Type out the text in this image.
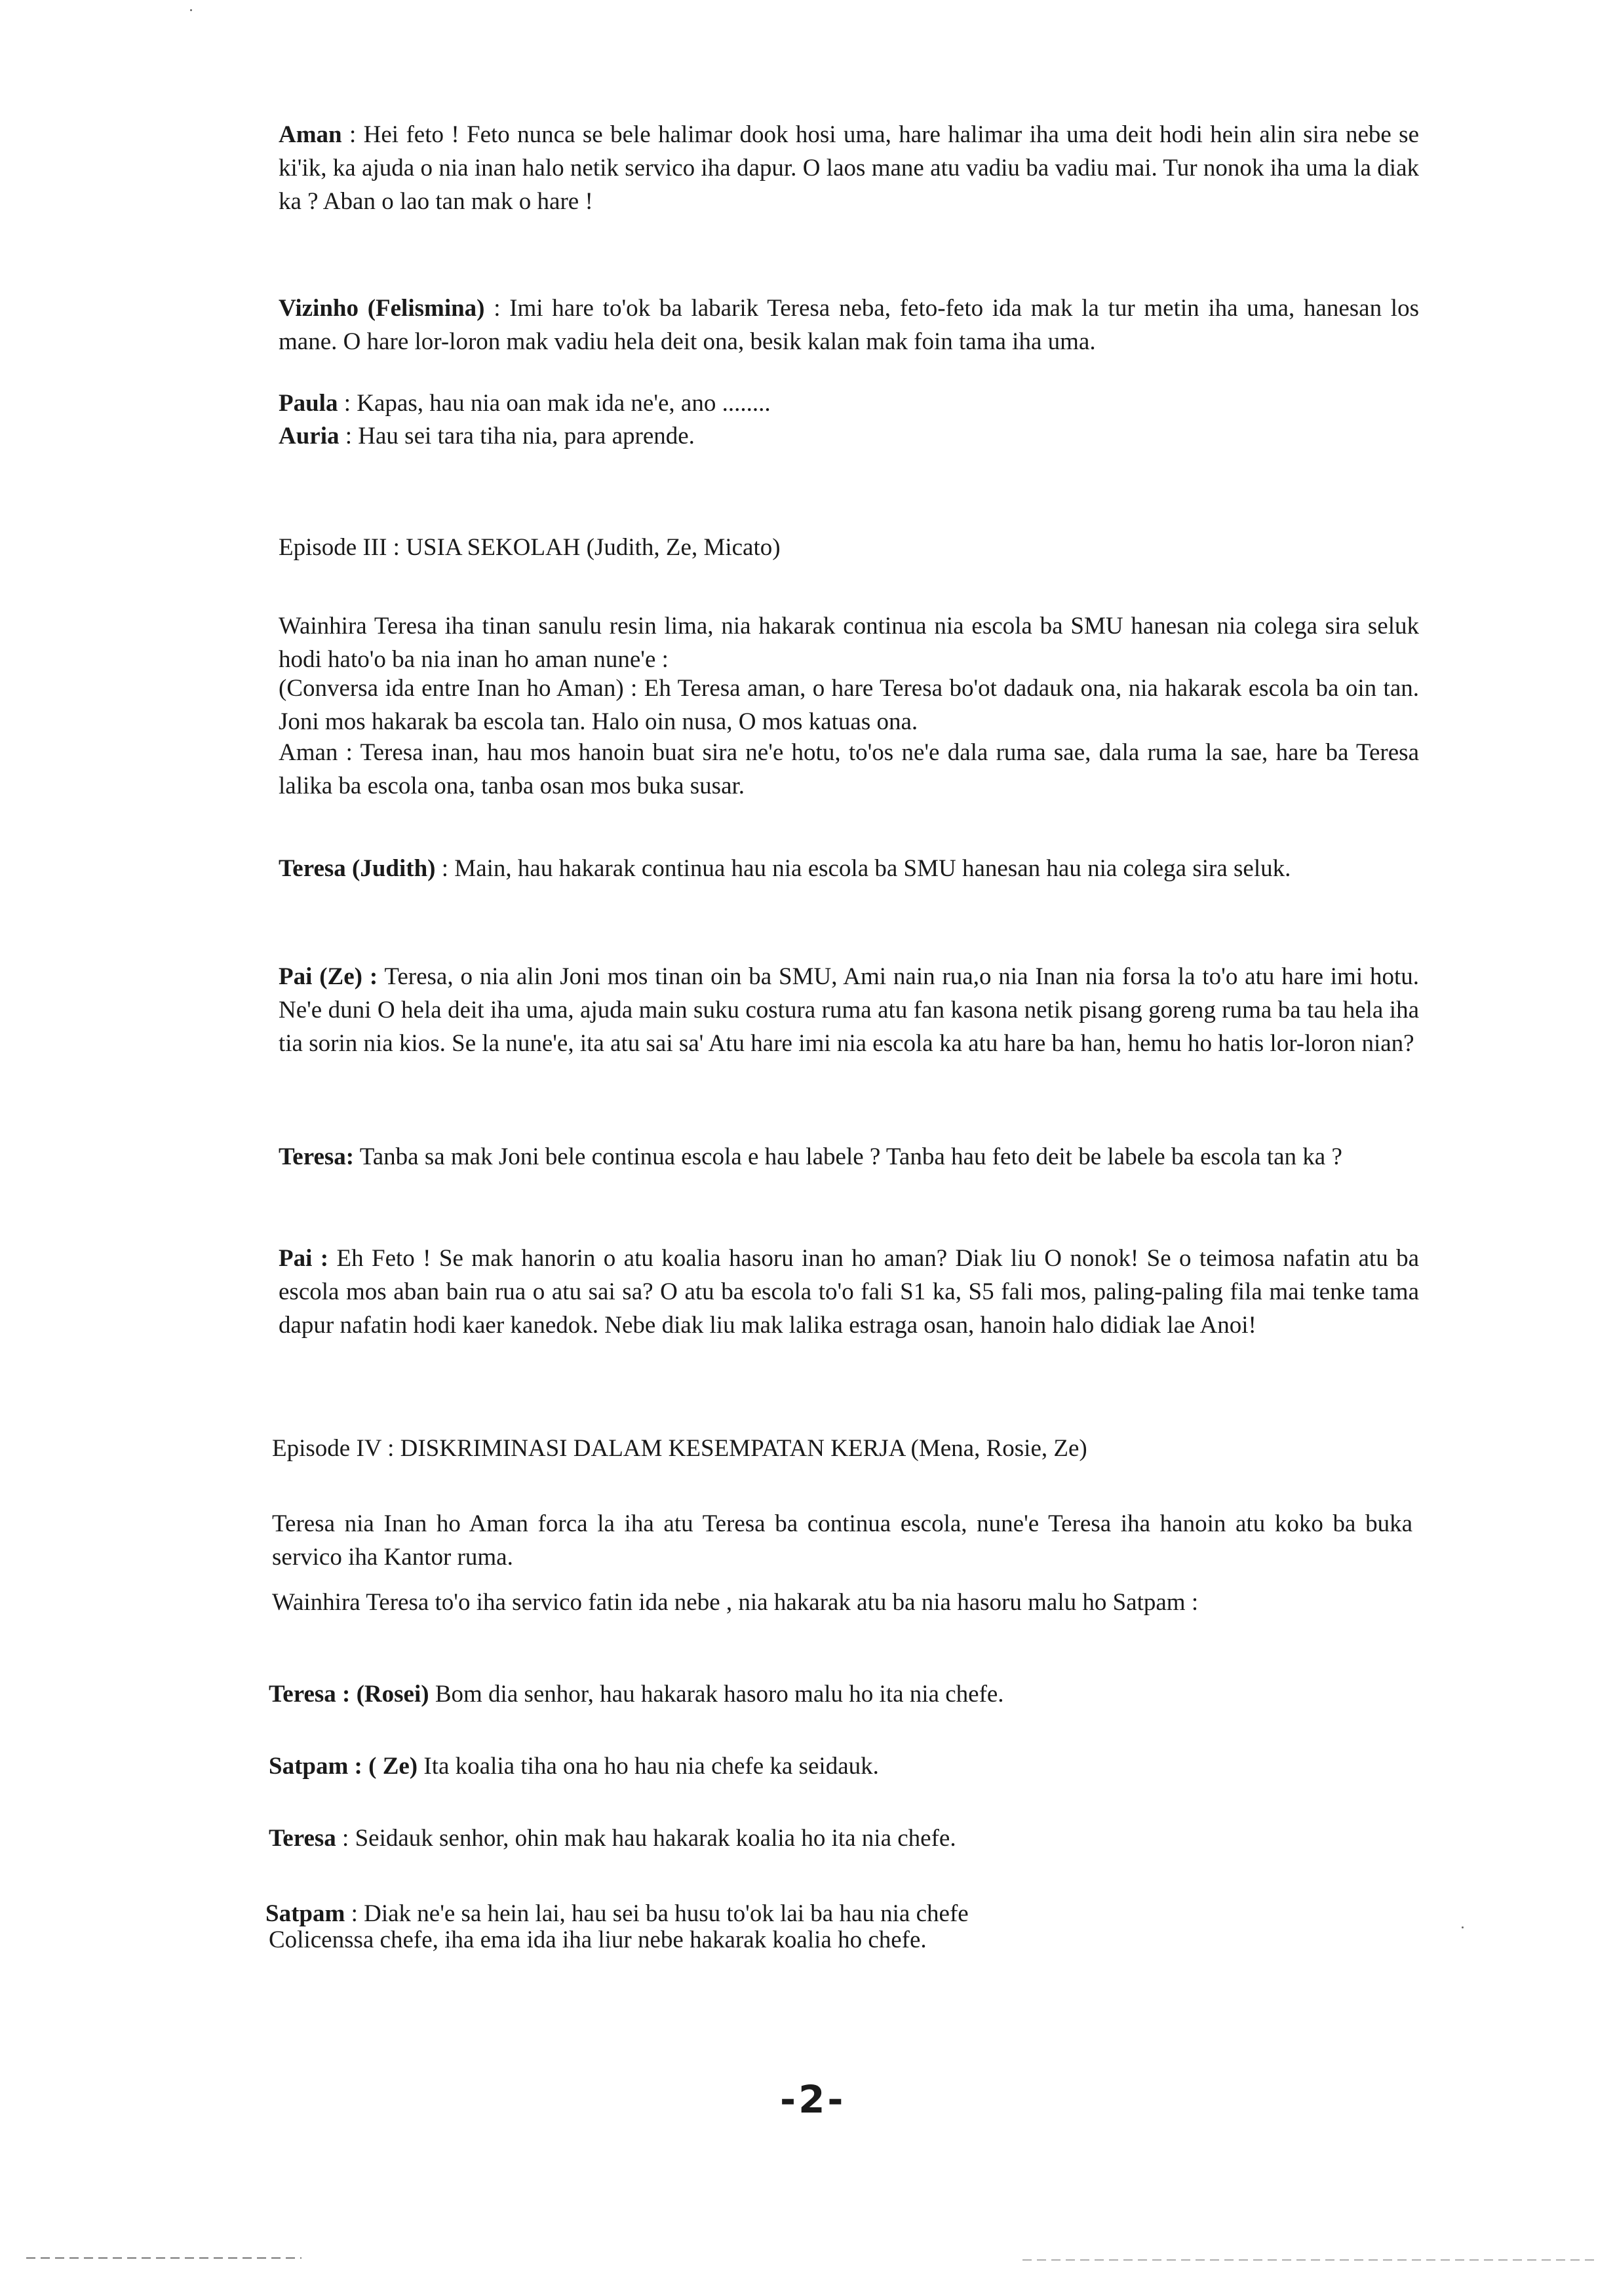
Aman : Hei feto ! Feto nunca se bele halimar dook hosi uma, hare halimar iha uma deit hodi hein alin sira nebe se ki'ik, ka ajuda o nia inan halo netik servico iha dapur. O laos mane atu vadiu ba vadiu mai. Tur nonok iha uma la diak ka ? Aban o lao tan mak o hare !
Vizinho (Felismina) : Imi hare to'ok ba labarik Teresa neba, feto-feto ida mak la tur metin iha uma, hanesan los mane. O hare lor-loron mak vadiu hela deit ona, besik kalan mak foin tama iha uma.
Paula : Kapas, hau nia oan mak ida ne'e, ano ........
Auria : Hau sei tara tiha nia, para aprende.
Episode III : USIA SEKOLAH (Judith, Ze, Micato)
Wainhira Teresa iha tinan sanulu resin lima, nia hakarak continua nia escola ba SMU hanesan nia colega sira seluk hodi hato'o ba nia inan ho aman nune'e :
(Conversa ida entre Inan ho Aman) : Eh Teresa aman, o hare Teresa bo'ot dadauk ona, nia hakarak escola ba oin tan. Joni mos hakarak ba escola tan. Halo oin nusa, O mos katuas ona.
Aman : Teresa inan, hau mos hanoin buat sira ne'e hotu, to'os ne'e dala ruma sae, dala ruma la sae, hare ba Teresa lalika ba escola ona, tanba osan mos buka susar.
Teresa (Judith) : Main, hau hakarak continua hau nia escola ba SMU hanesan hau nia colega sira seluk.
Pai (Ze) : Teresa, o nia alin Joni mos tinan oin ba SMU, Ami nain rua,o nia Inan nia forsa la to'o atu hare imi hotu. Ne'e duni O hela deit iha uma, ajuda main suku costura ruma atu fan kasona netik pisang goreng ruma ba tau hela iha tia sorin nia kios. Se la nune'e, ita atu sai sa' Atu hare imi nia escola ka atu hare ba han, hemu ho hatis lor-loron nian?
Teresa: Tanba sa mak Joni bele continua escola e hau labele ? Tanba hau feto deit be labele ba escola tan ka ?
Pai : Eh Feto ! Se mak hanorin o atu koalia hasoru inan ho aman? Diak liu O nonok! Se o teimosa nafatin atu ba escola mos aban bain rua o atu sai sa? O atu ba escola to'o fali S1 ka, S5 fali mos, paling-paling fila mai tenke tama dapur nafatin hodi kaer kanedok. Nebe diak liu mak lalika estraga osan, hanoin halo didiak lae Anoi!
Episode IV : DISKRIMINASI DALAM KESEMPATAN KERJA (Mena, Rosie, Ze)
Teresa nia Inan ho Aman forca la iha atu Teresa ba continua escola, nune'e Teresa iha hanoin atu koko ba buka servico iha Kantor ruma.
Wainhira Teresa to'o iha servico fatin ida nebe , nia hakarak atu ba nia hasoru malu ho Satpam :
Teresa : (Rosei) Bom dia senhor, hau hakarak hasoro malu ho ita nia chefe.
Satpam : ( Ze) Ita koalia tiha ona ho hau nia chefe ka seidauk.
Teresa : Seidauk senhor, ohin mak hau hakarak koalia ho ita nia chefe.
Satpam : Diak ne'e sa hein lai, hau sei ba husu to'ok lai ba hau nia chefe
Colicenssa chefe, iha ema ida iha liur nebe hakarak koalia ho chefe.
-2-
